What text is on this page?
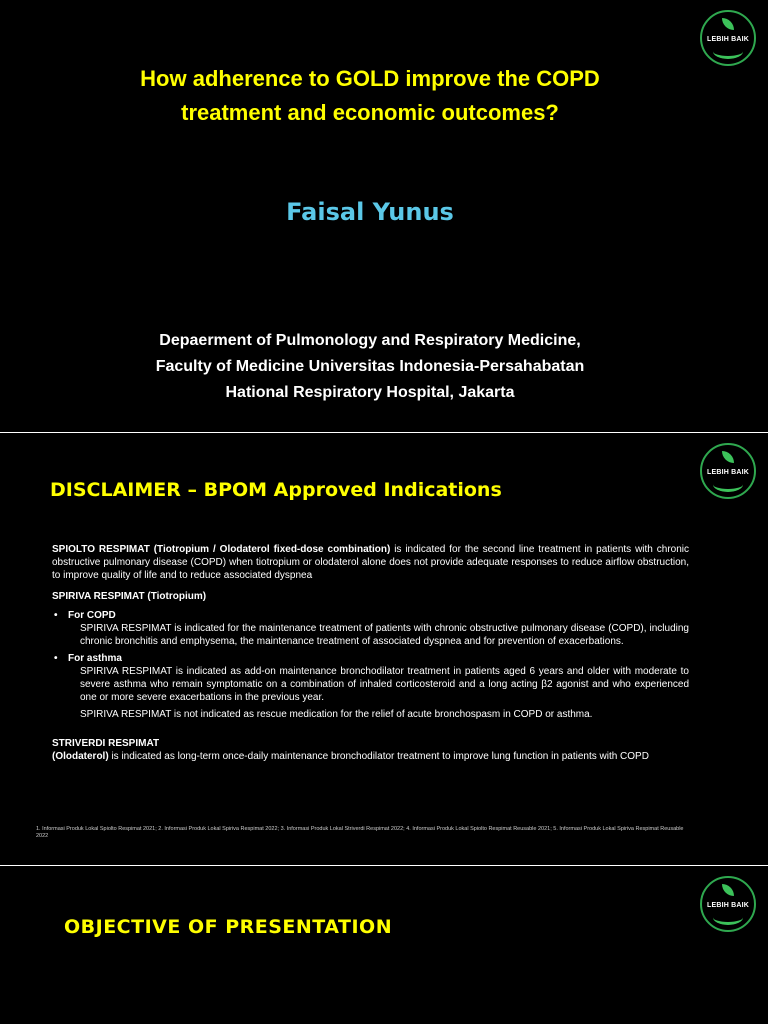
LEBIH BAIK
How adherence to GOLD improve the COPD
treatment and economic outcomes?
Faisal Yunus
Depaerment of Pulmonology and Respiratory Medicine,
Faculty of Medicine Universitas Indonesia-Persahabatan
Hational Respiratory Hospital, Jakarta
LEBIH BAIK
DISCLAIMER – BPOM Approved Indications

SPIOLTO RESPIMAT (Tiotropium / Olodaterol fixed-dose combination) is indicated for the second line treatment in patients with chronic obstructive pulmonary disease (COPD) when tiotropium or olodaterol alone does not provide adequate responses to reduce airflow obstruction, to improve quality of life and to reduce associated dyspnea

SPIRIVA RESPIMAT (Tiotropium)
• For COPD

SPIRIVA RESPIMAT is indicated for the maintenance treatment of patients with chronic obstructive pulmonary disease (COPD), including chronic bronchitis and emphysema, the maintenance treatment of associated dyspnea and for prevention of exacerbations.

• For asthma

SPIRIVA RESPIMAT is indicated as add-on maintenance bronchodilator treatment in patients aged 6 years and older with moderate to severe asthma who remain symptomatic on a combination of inhaled corticosteroid and a long acting β2 agonist and who experienced one or more severe exacerbations in the previous year.

SPIRIVA RESPIMAT is not indicated as rescue medication for the relief of acute bronchospasm in COPD or asthma.

STRIVERDI RESPIMAT

(Olodaterol) is indicated as long-term once-daily maintenance bronchodilator treatment to improve lung function in patients with COPD

1. Informasi Produk Lokal Spiolto Respimat 2021; 2. Informasi Produk Lokal Spiriva Respimat 2022; 3. Informasi Produk Lokal Striverdi Respimat 2022; 4. Informasi Produk Lokal Spiolto Respimat Reusable 2021; 5. Informasi Produk Lokal Spiriva Respimat Reusable 2022
LEBIH BAIK
OBJECTIVE OF PRESENTATION
